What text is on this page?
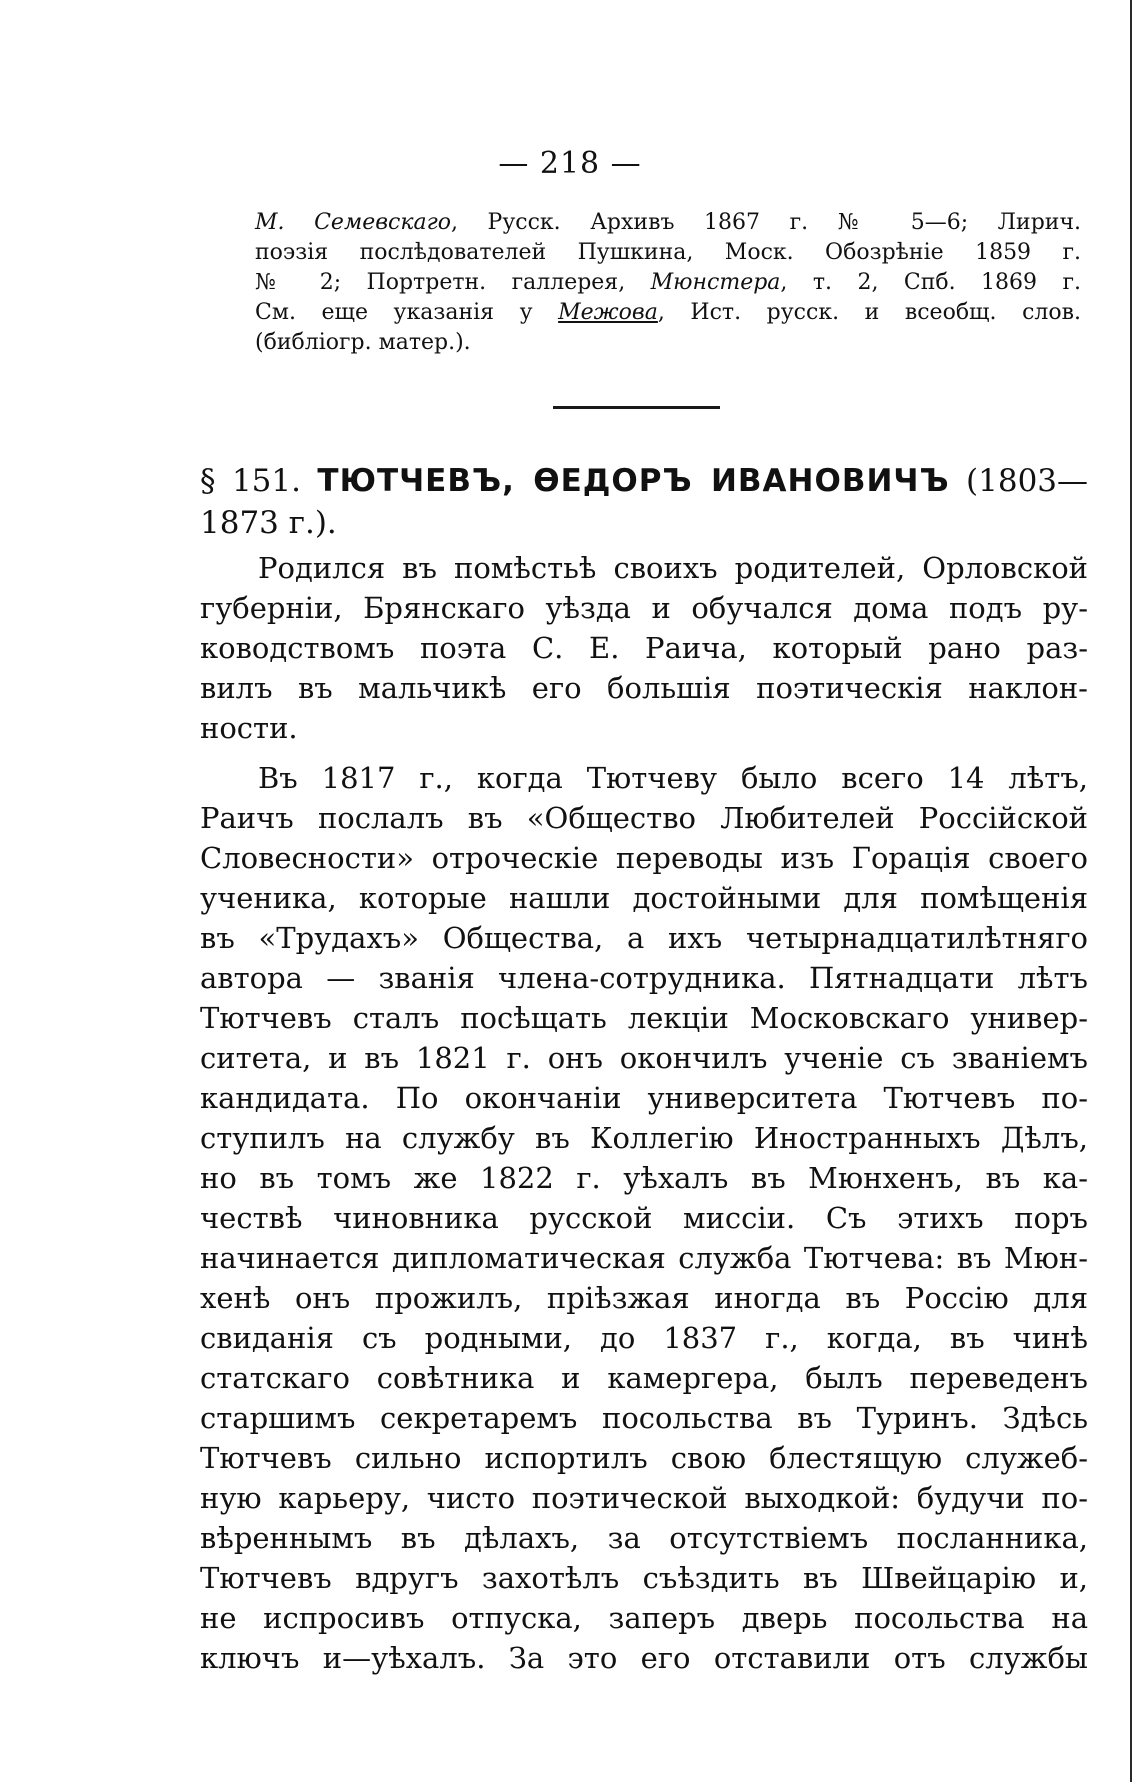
— 218 —
М. Семевскаго, Русск. Архивъ 1867 г. № 5—6; Лирич.
поэзія послѣдователей Пушкина, Моск. Обозрѣніе 1859 г.
№ 2; Портретн. галлерея, Мюнстера, т. 2, Спб. 1869 г.
См. еще указанія у Межова, Ист. русск. и всеобщ. слов.
(библіогр. матер.).
§ 151. ТЮТЧЕВЪ, ѲЕДОРЪ ИВАНОВИЧЪ (1803—
1873 г.).
Родился въ помѣстьѣ своихъ родителей, Орловской
губерніи, Брянскаго уѣзда и обучался дома подъ ру-
ководствомъ поэта С. Е. Раича, который рано раз-
вилъ въ мальчикѣ его большія поэтическія наклон-
ности.
Въ 1817 г., когда Тютчеву было всего 14 лѣтъ,
Раичъ послалъ въ «Общество Любителей Россійской
Словесности» отроческіе переводы изъ Горація своего
ученика, которые нашли достойными для помѣщенія
въ «Трудахъ» Общества, а ихъ четырнадцатилѣтняго
автора — званія члена-сотрудника. Пятнадцати лѣтъ
Тютчевъ сталъ посѣщать лекціи Московскаго универ-
ситета, и въ 1821 г. онъ окончилъ ученіе съ званіемъ
кандидата. По окончаніи университета Тютчевъ по-
ступилъ на службу въ Коллегію Иностранныхъ Дѣлъ,
но въ томъ же 1822 г. уѣхалъ въ Мюнхенъ, въ ка-
чествѣ чиновника русской миссіи. Съ этихъ поръ
начинается дипломатическая служба Тютчева: въ Мюн-
хенѣ онъ прожилъ, пріѣзжая иногда въ Россію для
свиданія съ родными, до 1837 г., когда, въ чинѣ
статскаго совѣтника и камергера, былъ переведенъ
старшимъ секретаремъ посольства въ Туринъ. Здѣсь
Тютчевъ сильно испортилъ свою блестящую служеб-
ную карьеру, чисто поэтической выходкой: будучи по-
вѣреннымъ въ дѣлахъ, за отсутствіемъ посланника,
Тютчевъ вдругъ захотѣлъ съѣздить въ Швейцарію и,
не испросивъ отпуска, заперъ дверь посольства на
ключъ и—уѣхалъ. За это его отставили отъ службы
